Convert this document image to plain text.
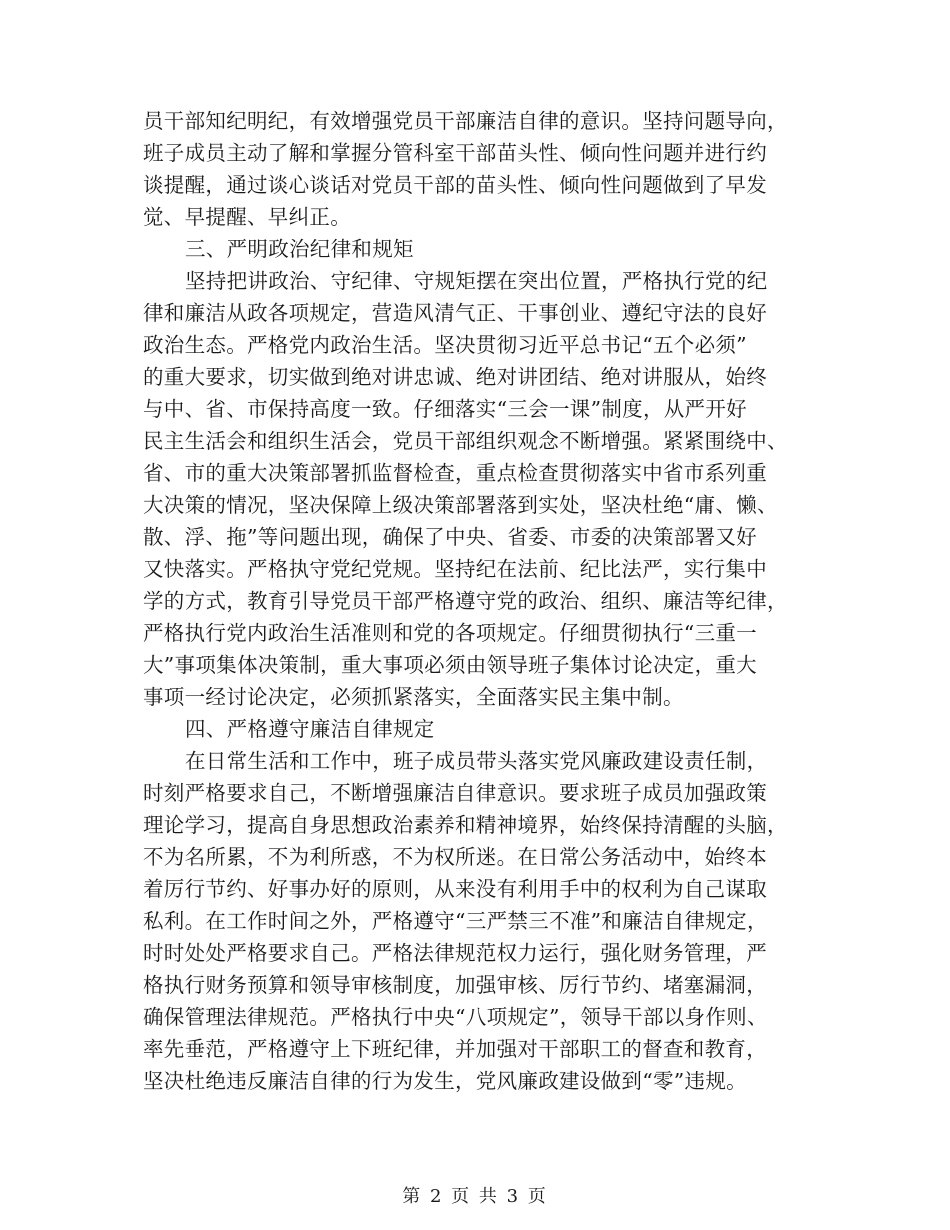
员干部知纪明纪，有效增强党员干部廉洁自律的意识。坚持问题导向，
班子成员主动了解和掌握分管科室干部苗头性、倾向性问题并进行约
谈提醒，通过谈心谈话对党员干部的苗头性、倾向性问题做到了早发
觉、早提醒、早纠正。
三、严明政治纪律和规矩
坚持把讲政治、守纪律、守规矩摆在突出位置，严格执行党的纪
律和廉洁从政各项规定，营造风清气正、干事创业、遵纪守法的良好
政治生态。严格党内政治生活。坚决贯彻习近平总书记“五个必须”
的重大要求，切实做到绝对讲忠诚、绝对讲团结、绝对讲服从，始终
与中、省、市保持高度一致。仔细落实“三会一课”制度，从严开好
民主生活会和组织生活会，党员干部组织观念不断增强。紧紧围绕中、
省、市的重大决策部署抓监督检查，重点检查贯彻落实中省市系列重
大决策的情况，坚决保障上级决策部署落到实处，坚决杜绝“庸、懒、
散、浮、拖”等问题出现，确保了中央、省委、市委的决策部署又好
又快落实。严格执守党纪党规。坚持纪在法前、纪比法严，实行集中
学的方式，教育引导党员干部严格遵守党的政治、组织、廉洁等纪律，
严格执行党内政治生活准则和党的各项规定。仔细贯彻执行“三重一
大”事项集体决策制，重大事项必须由领导班子集体讨论决定，重大
事项一经讨论决定，必须抓紧落实，全面落实民主集中制。
四、严格遵守廉洁自律规定
在日常生活和工作中，班子成员带头落实党风廉政建设责任制，
时刻严格要求自己，不断增强廉洁自律意识。要求班子成员加强政策
理论学习，提高自身思想政治素养和精神境界，始终保持清醒的头脑，
不为名所累，不为利所惑，不为权所迷。在日常公务活动中，始终本
着厉行节约、好事办好的原则，从来没有利用手中的权利为自己谋取
私利。在工作时间之外，严格遵守“三严禁三不准”和廉洁自律规定，
时时处处严格要求自己。严格法律规范权力运行，强化财务管理，严
格执行财务预算和领导审核制度，加强审核、厉行节约、堵塞漏洞，
确保管理法律规范。严格执行中央“八项规定”，领导干部以身作则、
率先垂范，严格遵守上下班纪律，并加强对干部职工的督查和教育，
坚决杜绝违反廉洁自律的行为发生，党风廉政建设做到“零”违规。
第 2 页 共 3 页
